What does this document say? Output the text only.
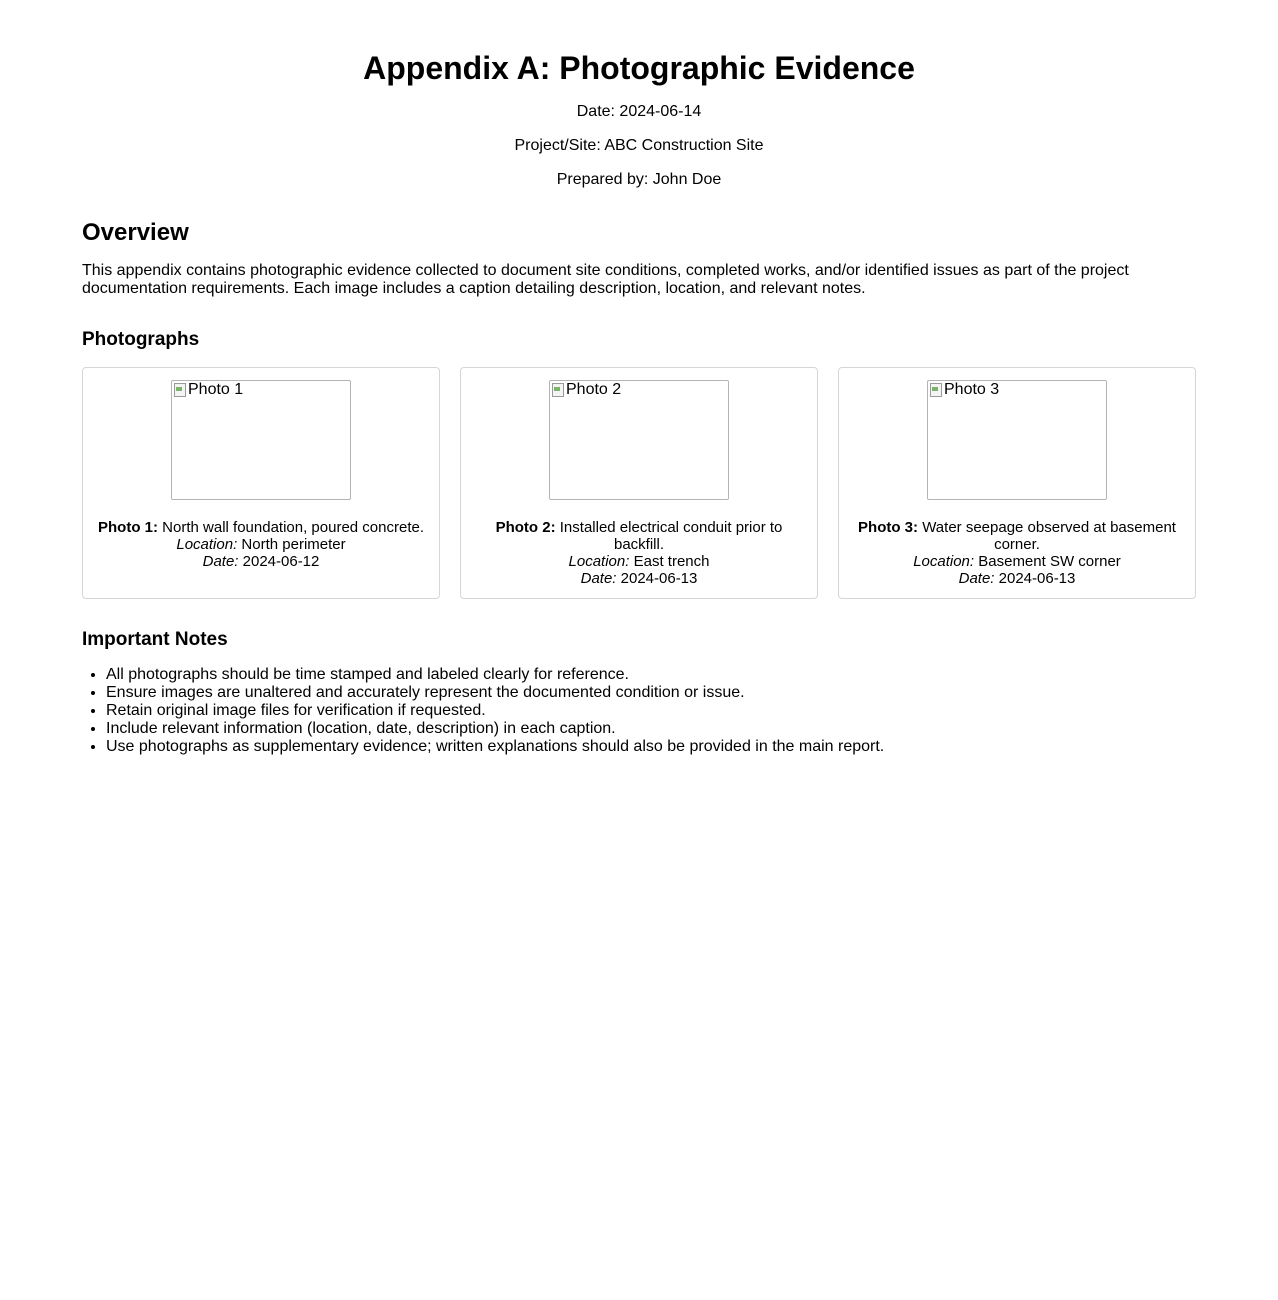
Appendix A: Photographic Evidence

Date: 2024-06-14

Project/Site: ABC Construction Site

Prepared by: John Doe

Overview

This appendix contains photographic evidence collected to document site conditions, completed works, and/or identified issues as part of the project documentation requirements. Each image includes a caption detailing description, location, and relevant notes.

Photographs
Photo 1
Photo 1: North wall foundation, poured concrete.
Location: North perimeter
Date: 2024-06-12
Photo 2
Photo 2: Installed electrical conduit prior to backfill.
Location: East trench
Date: 2024-06-13
Photo 3
Photo 3: Water seepage observed at basement corner.
Location: Basement SW corner
Date: 2024-06-13
Important Notes
• All photographs should be time stamped and labeled clearly for reference.
• Ensure images are unaltered and accurately represent the documented condition or issue.
• Retain original image files for verification if requested.
• Include relevant information (location, date, description) in each caption.
• Use photographs as supplementary evidence; written explanations should also be provided in the main report.
